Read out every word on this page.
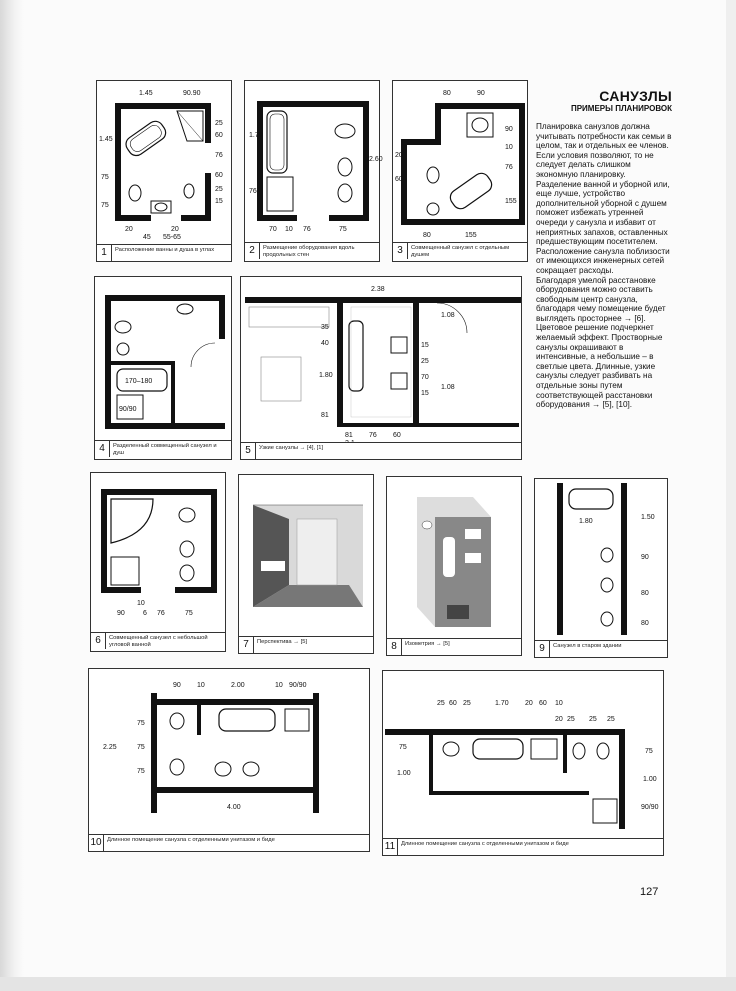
1.45	90.90
1.45
75
75
20
45 55-65
20
25
60
76
60
25
15
1	Расположение ванны и душа в углах
1.70
2.60
76
70 10 76	75
2	Размещение оборудования вдоль продольных стен
80	90
90
10
76
20
60
155
80	155
3	Совмещенный санузел с отдельным душем
САНУЗЛЫ
ПРИМЕРЫ ПЛАНИРОВОК

Планировка санузлов должна учитывать потребности как семьи в целом, так и отдельных ее членов.

Если условия позволяют, то не следует делать слишком экономную планировку.

Разделение ванной и уборной или, еще лучше, устройство дополнительной уборной с душем поможет избежать утренней очереди у санузла и избавит от неприятных запахов, оставленных предшествующим посетителем.

Расположение санузла поблизости от имеющихся инженерных сетей сокращает расходы.

Благодаря умелой расстановке оборудования можно оставить свободным центр санузла, благодаря чему помещение будет выглядеть просторнее → [6].

Цветовое решение подчеркнет желаемый эффект. Простворные санузлы окрашивают в интенсивные, а небольшие – в светлые цвета. Длинные, узкие санузлы следует разбивать на отдельные зоны путем соответствующей расстановки оборудования → [5], [10].

170–180
90/90
4	Разделенный совмещенный санузел и душ
2.38
1.08
1.80
1.08
35
40
81
15
25
70
15
81 76 60
5	Узкие санузлы → [4], [1]
10
90	6 76	75
6	Совмещенный санузел с небольшой угловой ванной	7	Перспектива → [5]	8	Изометрия → [5]
1.80
1.50
90
80
80
9	Санузел в старом здании
90 10	2.00	10 90/90
75
2.25	75
75
4.00
10 Длинное помещение санузла с отделенными унитазом и биде
25 60 25	1.70 20 60 10
20 25 25 25
75
1.00
75
1.00
90/90
11	Длинное помещение санузла с отделенными унитазом и биде
127
